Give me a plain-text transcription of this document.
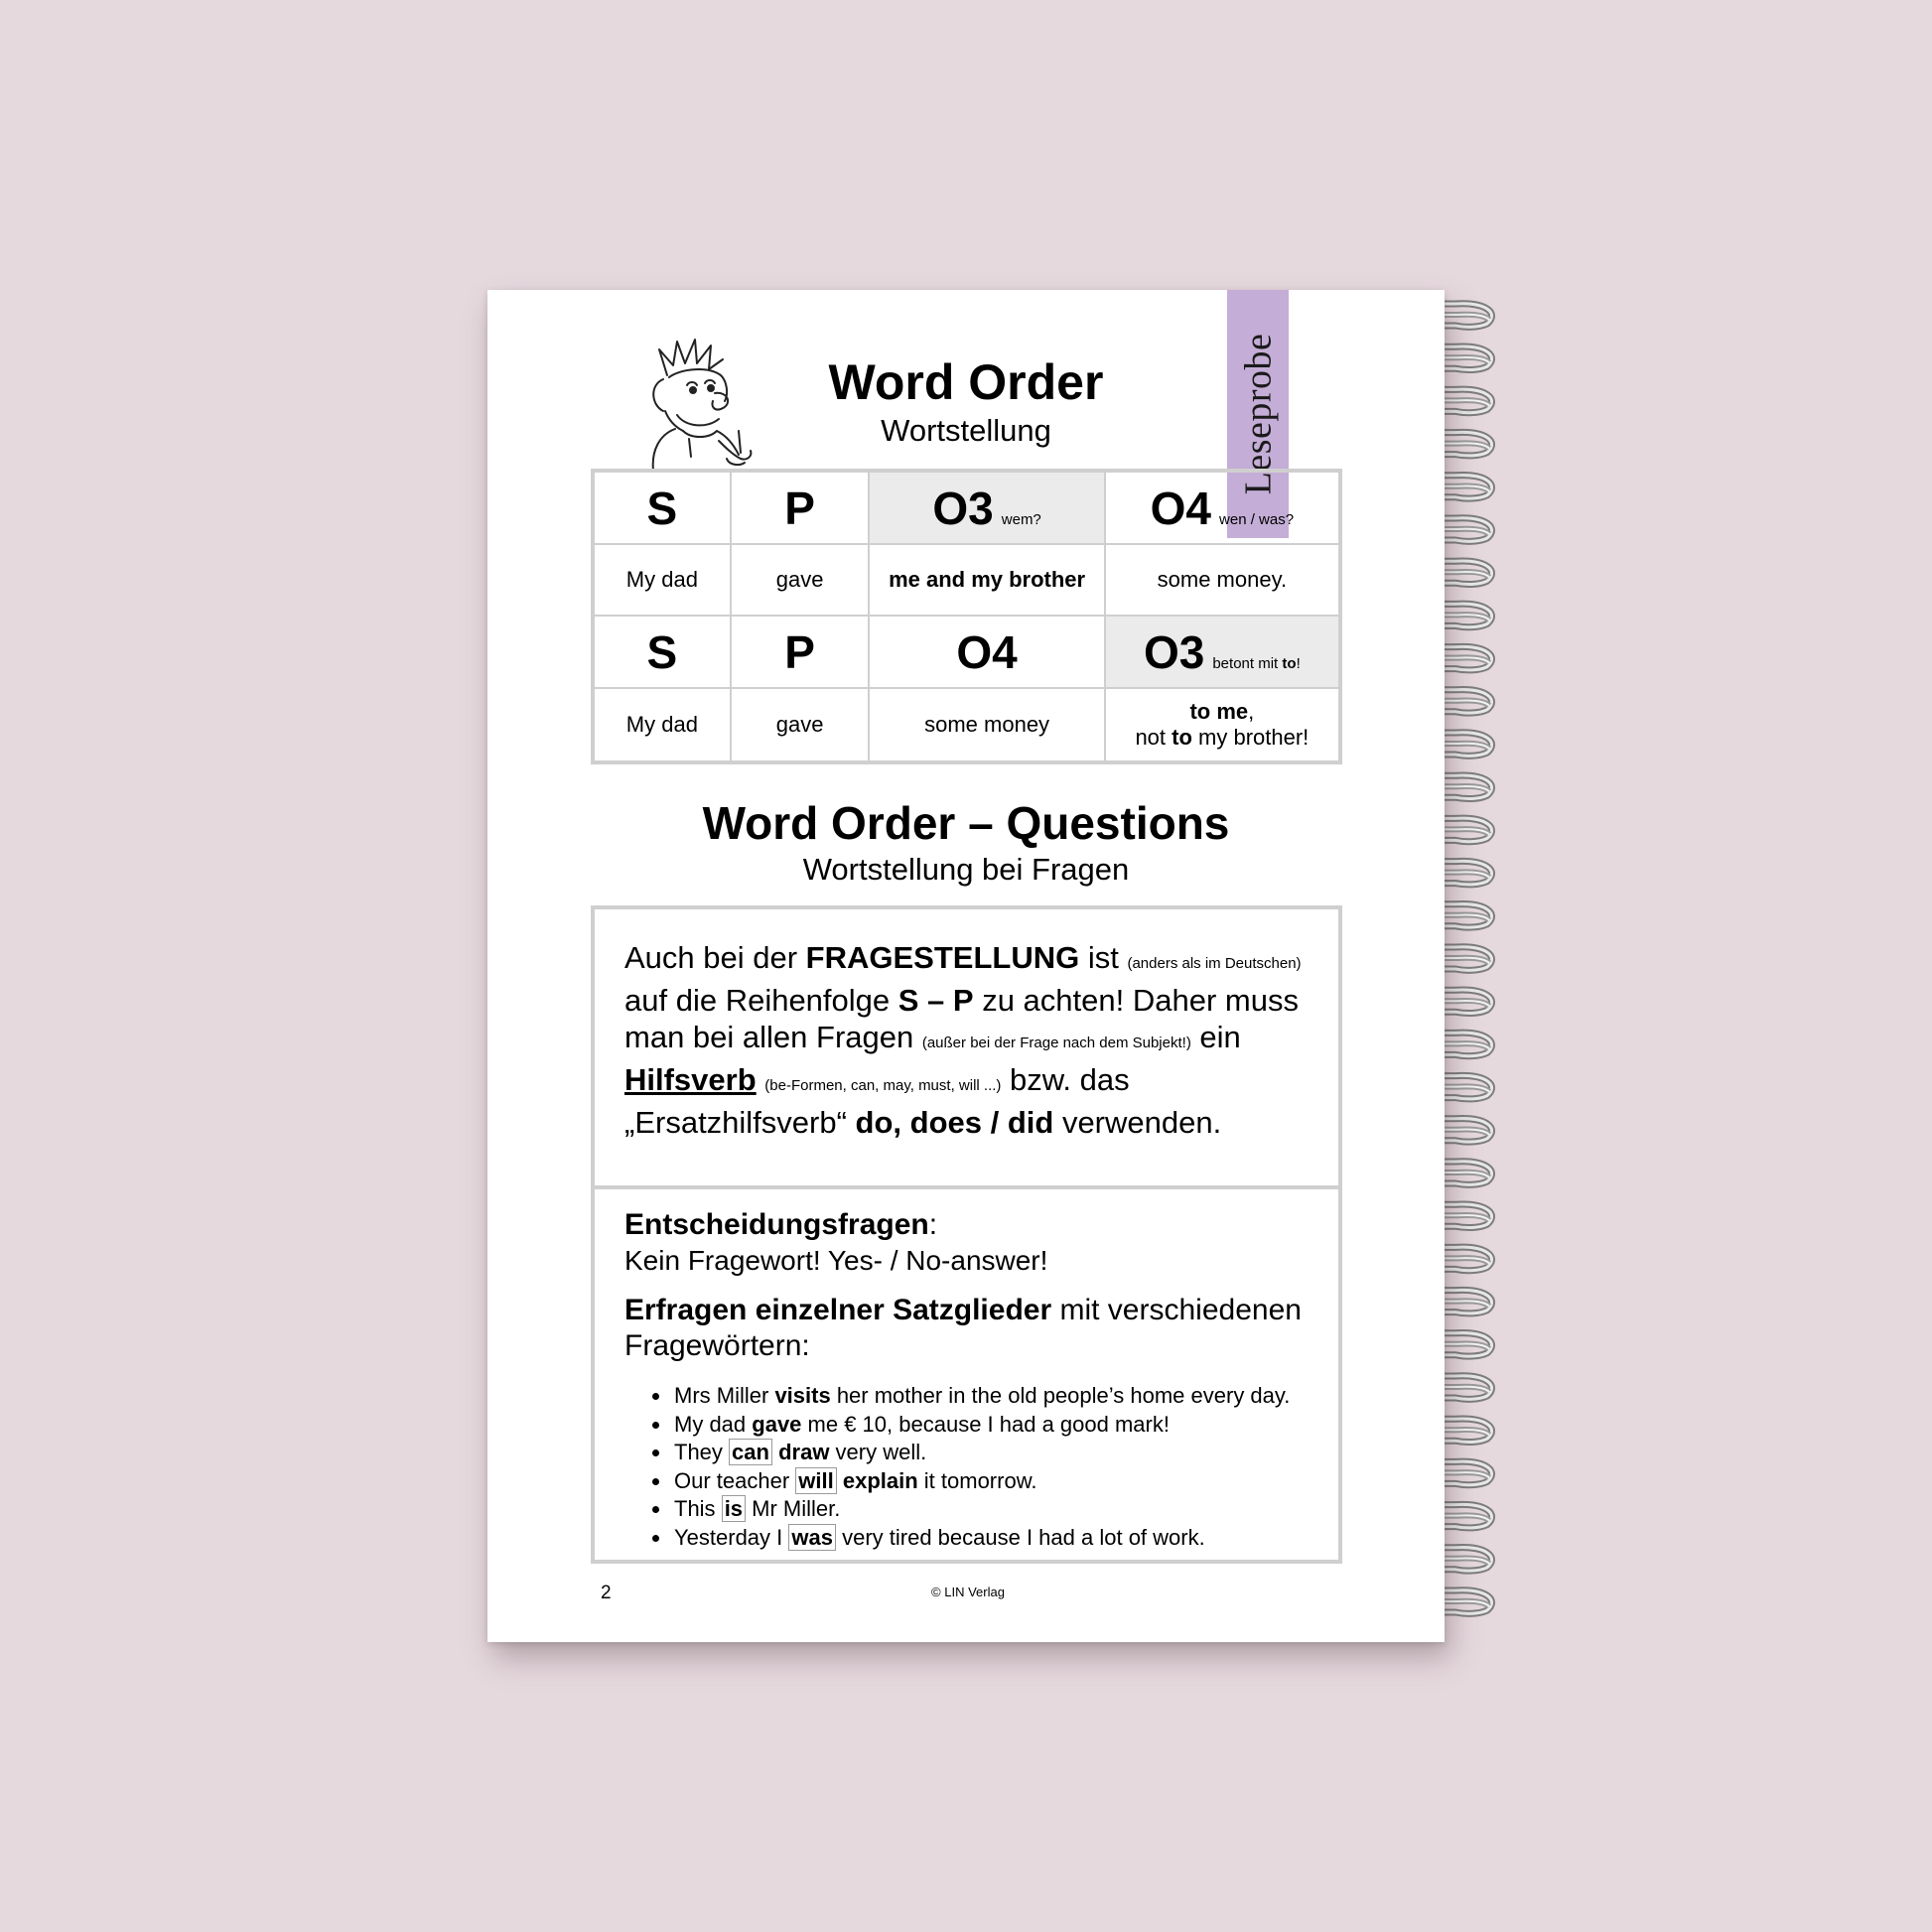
Leseprobe
Word Order
Wortstellung
S	P	O3 wem?	O4 wen / was?
My dad	gave	me and my brother	some money.
S	P	O4	O3 betont mit to!
My dad	gave	some money	to me,
not to my brother!
Word Order – Questions
Wortstellung bei Fragen
Auch bei der FRAGESTELLUNG ist (anders als im Deutschen) auf die Reihenfolge S – P zu achten! Daher muss man bei allen Fragen (außer bei der Frage nach dem Subjekt!) ein Hilfsverb (be-Formen, can, may, must, will ...) bzw. das „Ersatzhilfsverb“ do, does / did verwenden.
Entscheidungsfragen:
Kein Fragewort! Yes- / No-answer!
Erfragen einzelner Satzglieder mit verschiedenen Fragewörtern:
• Mrs Miller visits her mother in the old people’s home every day.
• My dad gave me € 10, because I had a good mark!
• They can draw very well.
• Our teacher will explain it tomorrow.
• This is Mr Miller.
• Yesterday I was very tired because I had a lot of work.
2	© LIN Verlag
